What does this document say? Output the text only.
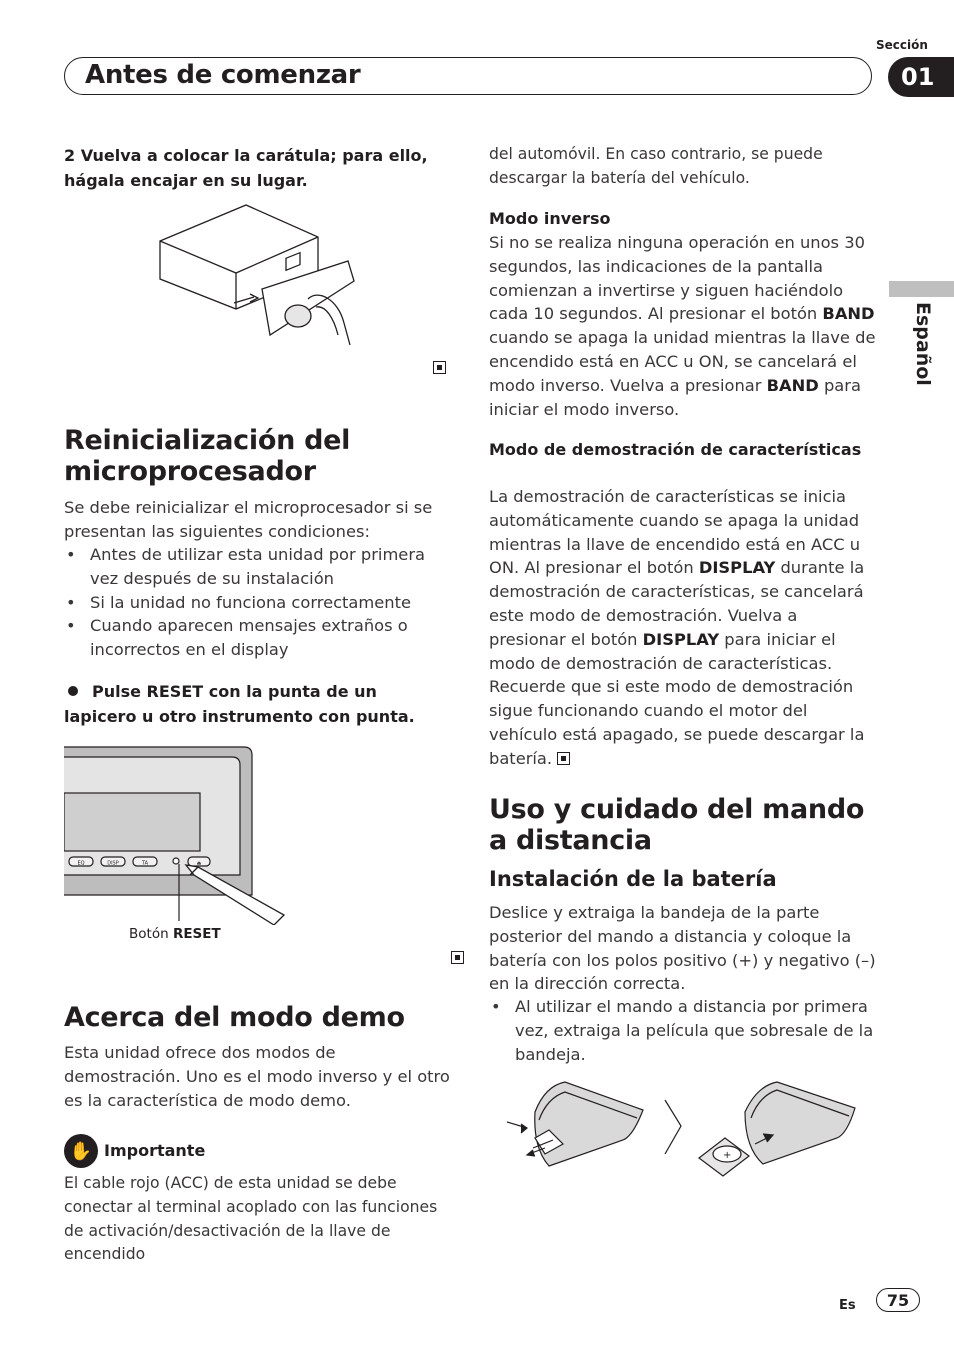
Sección
Antes de comenzar	01
Español
2 Vuelva a colocar la carátula; para ello, hágala encajar en su lugar.

Reinicialización del microprocesador
Se debe reinicializar el microprocesador si se presentan las siguientes condiciones:
• Antes de utilizar esta unidad por primera vez después de su instalación
• Si la unidad no funciona correctamente
• Cuando aparecen mensajes extraños o incorrectos en el display
Pulse RESET con la punta de un lapicero u otro instrumento con punta.
EQ	DISP	TA	⏏
Botón RESET
Acerca del modo demo
Esta unidad ofrece dos modos de demostración. Uno es el modo inverso y el otro es la característica de modo demo.
✋ Importante
El cable rojo (ACC) de esta unidad se debe conectar al terminal acoplado con las funciones de activación/desactivación de la llave de encendido
del automóvil. En caso contrario, se puede descargar la batería del vehículo.
Modo inverso
Si no se realiza ninguna operación en unos 30 segundos, las indicaciones de la pantalla comienzan a invertirse y siguen haciéndolo cada 10 segundos. Al presionar el botón BAND cuando se apaga la unidad mientras la llave de encendido está en ACC u ON, se cancelará el modo inverso. Vuelva a presionar BAND para iniciar el modo inverso.
Modo de demostración de características
La demostración de características se inicia automáticamente cuando se apaga la unidad mientras la llave de encendido está en ACC u ON. Al presionar el botón DISPLAY durante la demostración de características, se cancelará este modo de demostración. Vuelva a presionar el botón DISPLAY para iniciar el modo de demostración de características. Recuerde que si este modo de demostración sigue funcionando cuando el motor del vehículo está apagado, se puede descargar la batería.
Uso y cuidado del mando a distancia
Instalación de la batería
Deslice y extraiga la bandeja de la parte posterior del mando a distancia y coloque la batería con los polos positivo (+) y negativo (–) en la dirección correcta.
• Al utilizar el mando a distancia por primera vez, extraiga la película que sobresale de la bandeja.
+
Es	75
